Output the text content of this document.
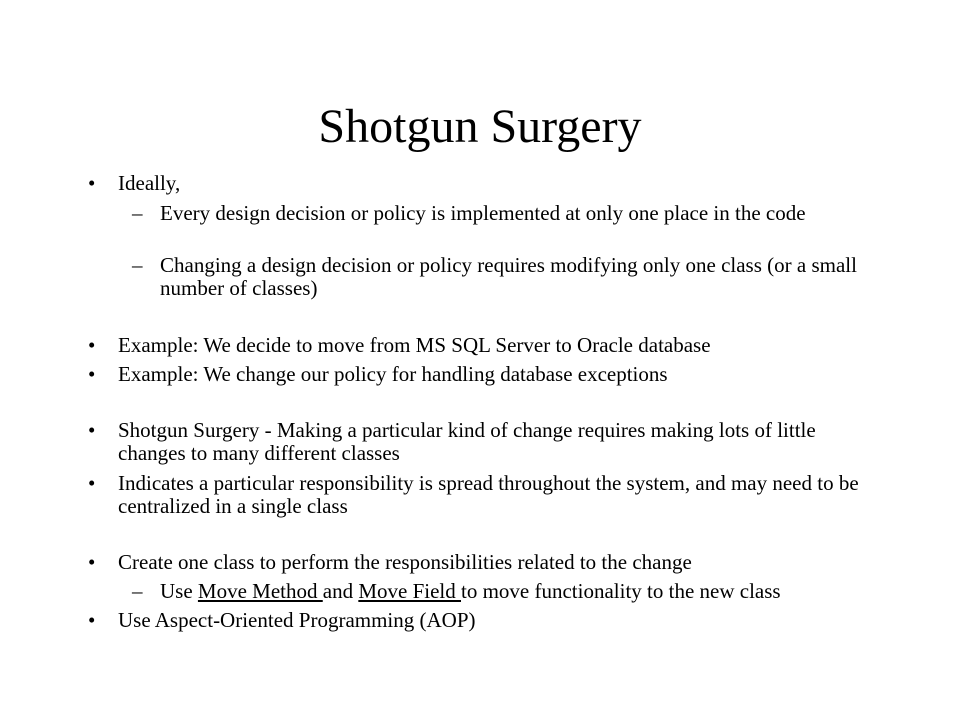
Shotgun Surgery
• Ideally,
– Every design decision or policy is implemented at only one place in the code
– Changing a design decision or policy requires modifying only one class (or a small number of classes)
• Example: We decide to move from MS SQL Server to Oracle database
• Example: We change our policy for handling database exceptions
• Shotgun Surgery - Making a particular kind of change requires making lots of little changes to many different classes
• Indicates a particular responsibility is spread throughout the system, and may need to be centralized in a single class
• Create one class to perform the responsibilities related to the change
– Use Move Method and Move Field to move functionality to the new class
• Use Aspect-Oriented Programming (AOP)
